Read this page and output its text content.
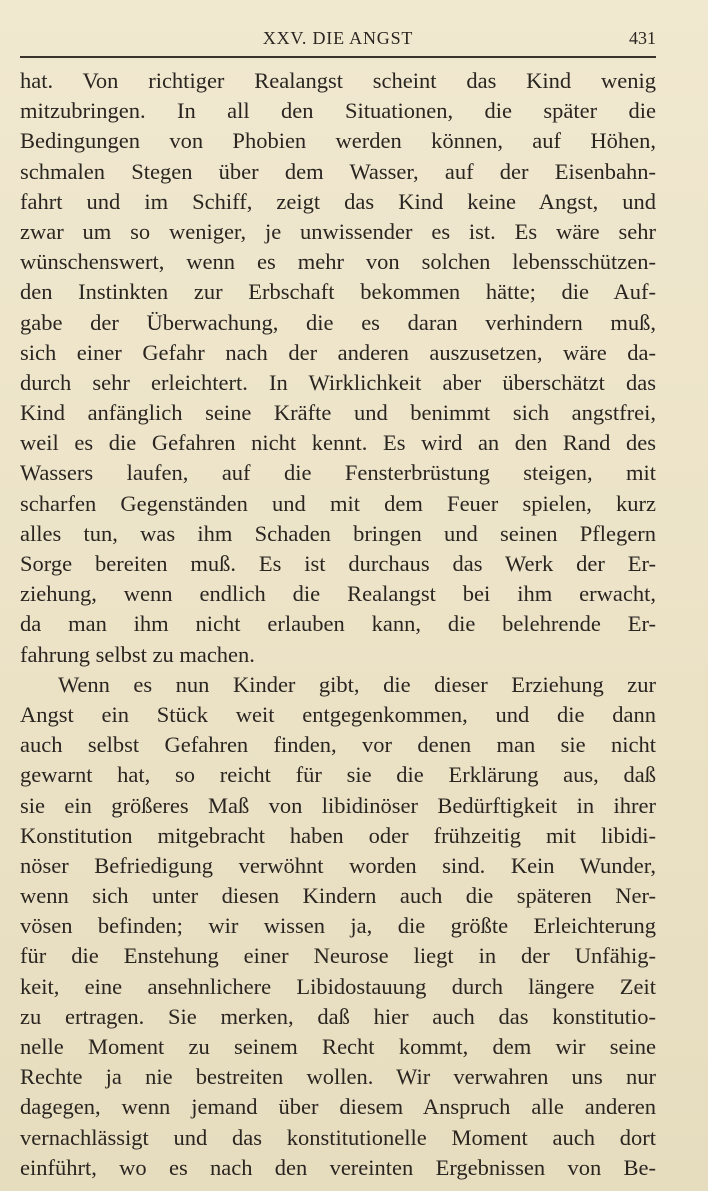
XXV. DIE ANGST	431
hat. Von richtiger Realangst scheint das Kind wenig
mitzubringen. In all den Situationen, die später die
Bedingungen von Phobien werden können, auf Höhen,
schmalen Stegen über dem Wasser, auf der Eisenbahn-
fahrt und im Schiff, zeigt das Kind keine Angst, und
zwar um so weniger, je unwissender es ist. Es wäre sehr
wünschenswert, wenn es mehr von solchen lebensschützen-
den Instinkten zur Erbschaft bekommen hätte; die Auf-
gabe der Überwachung, die es daran verhindern muß,
sich einer Gefahr nach der anderen auszusetzen, wäre da-
durch sehr erleichtert. In Wirklichkeit aber überschätzt das
Kind anfänglich seine Kräfte und benimmt sich angstfrei,
weil es die Gefahren nicht kennt. Es wird an den Rand des
Wassers laufen, auf die Fensterbrüstung steigen, mit
scharfen Gegenständen und mit dem Feuer spielen, kurz
alles tun, was ihm Schaden bringen und seinen Pflegern
Sorge bereiten muß. Es ist durchaus das Werk der Er-
ziehung, wenn endlich die Realangst bei ihm erwacht,
da man ihm nicht erlauben kann, die belehrende Er-
fahrung selbst zu machen.
Wenn es nun Kinder gibt, die dieser Erziehung zur
Angst ein Stück weit entgegenkommen, und die dann
auch selbst Gefahren finden, vor denen man sie nicht
gewarnt hat, so reicht für sie die Erklärung aus, daß
sie ein größeres Maß von libidinöser Bedürftigkeit in ihrer
Konstitution mitgebracht haben oder frühzeitig mit libidi-
nöser Befriedigung verwöhnt worden sind. Kein Wunder,
wenn sich unter diesen Kindern auch die späteren Ner-
vösen befinden; wir wissen ja, die größte Erleichterung
für die Enstehung einer Neurose liegt in der Unfähig-
keit, eine ansehnlichere Libidostauung durch längere Zeit
zu ertragen. Sie merken, daß hier auch das konstitutio-
nelle Moment zu seinem Recht kommt, dem wir seine
Rechte ja nie bestreiten wollen. Wir verwahren uns nur
dagegen, wenn jemand über diesem Anspruch alle anderen
vernachlässigt und das konstitutionelle Moment auch dort
einführt, wo es nach den vereinten Ergebnissen von Be-
